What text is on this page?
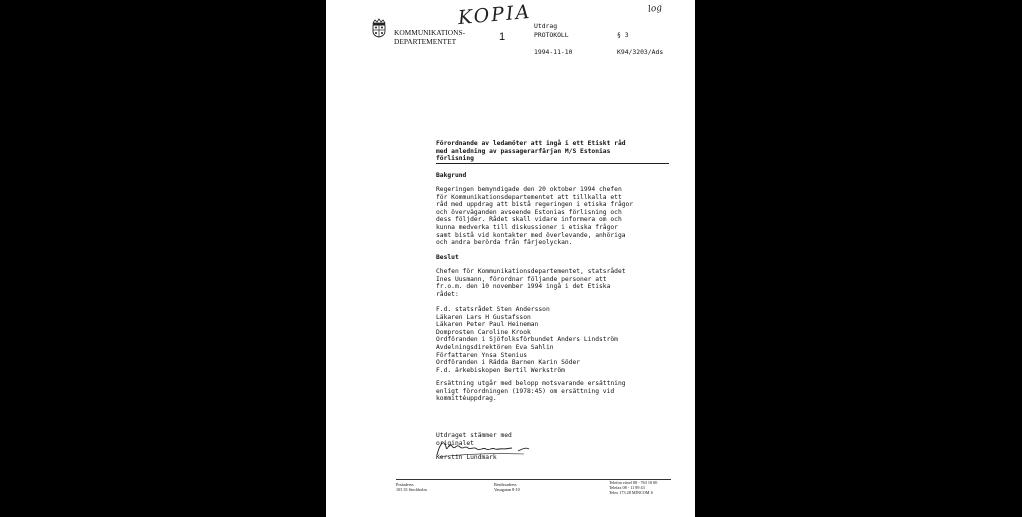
KOMMUNIKATIONS-
DEPARTEMENTET
KOPIA	log
1
Utdrag
PROTOKOLL	§ 3
1994-11-10	K94/3203/Ads
Förordnande av ledamöter att ingå i ett Etiskt råd
med anledning av passagerarfärjan M/S Estonias
förlisning
Bakgrund
Regeringen bemyndigade den 20 oktober 1994 chefen
för Kommunikationsdepartementet att tillkalla ett
råd med uppdrag att bistå regeringen i etiska frågor
och överväganden avseende Estonias förlisning och
dess följder. Rådet skall vidare informera om och
kunna medverka till diskussioner i etiska frågor
samt bistå vid kontakter med överlevande, anhöriga
och andra berörda från färjeolyckan.
Beslut
Chefen för Kommunikationsdepartementet, statsrådet
Ines Uusmann, förordnar följande personer att
fr.o.m. den 10 november 1994 ingå i det Etiska
rådet:
F.d. statsrådet Sten Andersson
Läkaren Lars H Gustafsson
Läkaren Peter Paul Heineman
Domprosten Caroline Krook
Ordföranden i Sjöfolksförbundet Anders Lindström
Avdelningsdirektören Eva Sahlin
Författaren Ynsa Stenius
Ordföranden i Rädda Barnen Karin Söder
F.d. ärkebiskopen Bertil Werkström
Ersättning utgår med belopp motsvarande ersättning
enligt förordningen (1978:45) om ersättning vid
kommittéuppdrag.
Utdraget stämmer med
originalet
Kerstin Lundmark
Postadress
103 33 Stockholm
Besöksadress
Vasagatan 8-10
Telefon växel 08 - 763 10 00
Telefax 08 - 11 89 43
Telex 173 28 MINCOM S
